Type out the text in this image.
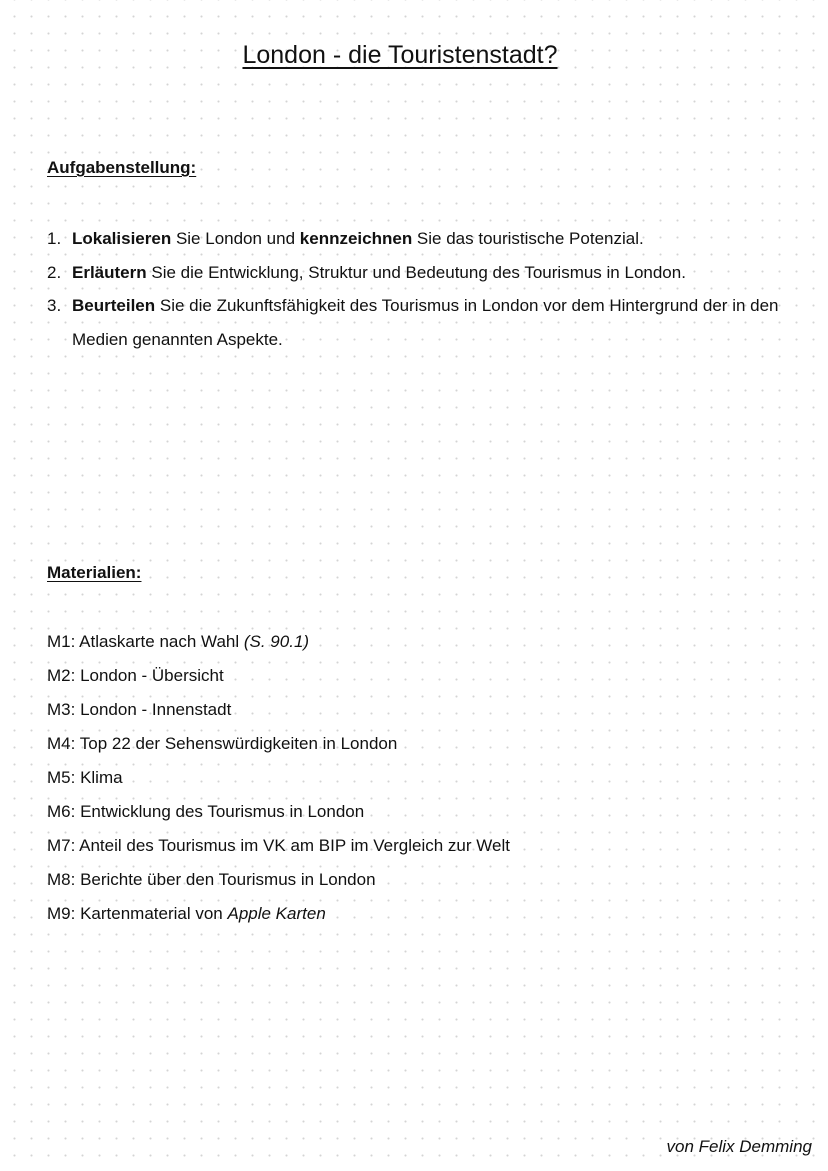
London - die Touristenstadt?
Aufgabenstellung:
1. Lokalisieren Sie London und kennzeichnen Sie das touristische Potenzial.
2. Erläutern Sie die Entwicklung, Struktur und Bedeutung des Tourismus in London.
3. Beurteilen Sie die Zukunftsfähigkeit des Tourismus in London vor dem Hintergrund der in den Medien genannten Aspekte.
Materialien:
M1: Atlaskarte nach Wahl (S. 90.1)
M2: London - Übersicht
M3: London - Innenstadt
M4: Top 22 der Sehenswürdigkeiten in London
M5: Klima
M6: Entwicklung des Tourismus in London
M7: Anteil des Tourismus im VK am BIP im Vergleich zur Welt
M8: Berichte über den Tourismus in London
M9: Kartenmaterial von Apple Karten
von Felix Demming
